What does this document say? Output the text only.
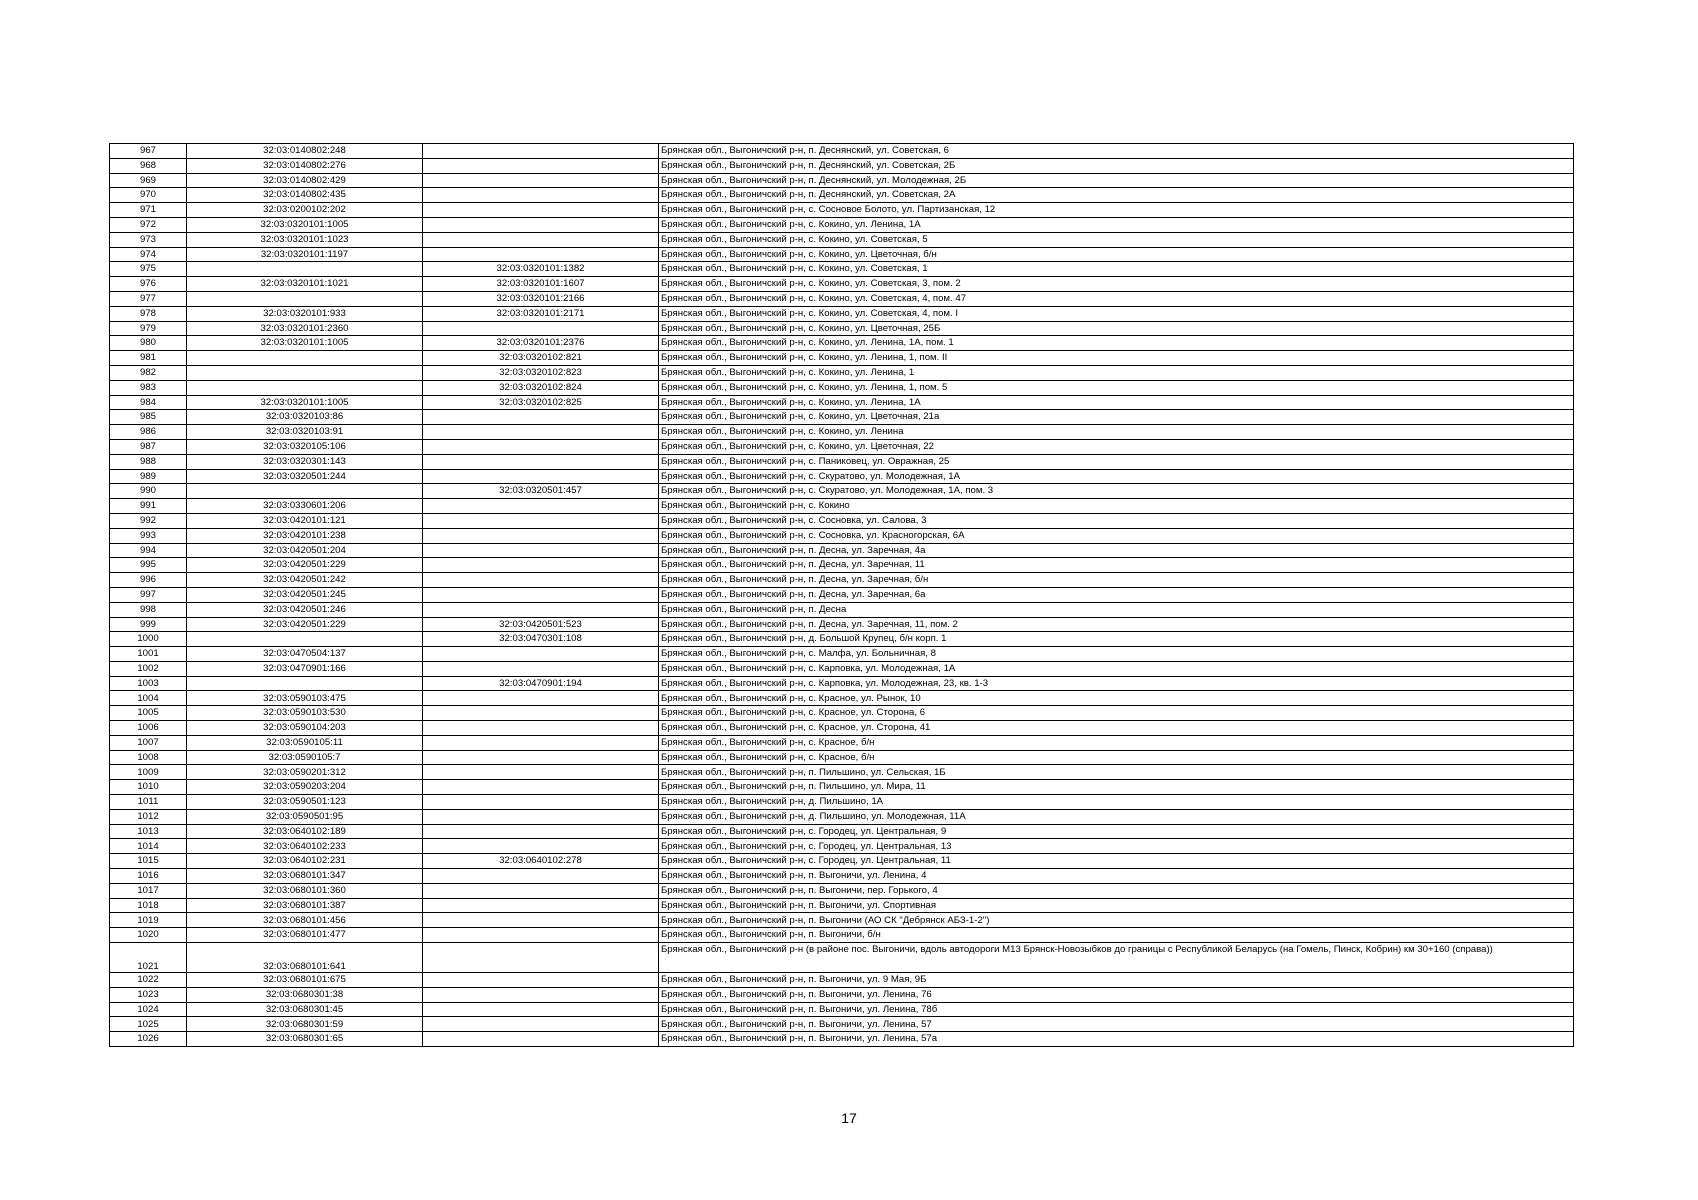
967	32:03:0140802:248		Брянская обл., Выгоничский р-н, п. Деснянский, ул. Советская, 6
968	32:03:0140802:276		Брянская обл., Выгоничский р-н, п. Деснянский, ул. Советская, 2Б
969	32:03:0140802:429		Брянская обл., Выгоничский р-н, п. Деснянский, ул. Молодежная, 2Б
970	32:03:0140802:435		Брянская обл., Выгоничский р-н, п. Деснянский, ул. Советская, 2А
971	32:03:0200102:202		Брянская обл., Выгоничский р-н, с. Сосновое Болото, ул. Партизанская, 12
972	32:03:0320101:1005		Брянская обл., Выгоничский р-н, с. Кокино, ул. Ленина, 1А
973	32:03:0320101:1023		Брянская обл., Выгоничский р-н, с. Кокино, ул. Советская, 5
974	32:03:0320101:1197		Брянская обл., Выгоничский р-н, с. Кокино, ул. Цветочная, б/н
975		32:03:0320101:1382	Брянская обл., Выгоничский р-н, с. Кокино, ул. Советская, 1
976	32:03:0320101:1021	32:03:0320101:1607	Брянская обл., Выгоничский р-н, с. Кокино, ул. Советская, 3, пом. 2
977		32:03:0320101:2166	Брянская обл., Выгоничский р-н, с. Кокино, ул. Советская, 4, пом. 47
978	32:03:0320101:933	32:03:0320101:2171	Брянская обл., Выгоничский р-н, с. Кокино, ул. Советская, 4, пом. I
979	32:03:0320101:2360		Брянская обл., Выгоничский р-н, с. Кокино, ул. Цветочная, 25Б
980	32:03:0320101:1005	32:03:0320101:2376	Брянская обл., Выгоничский р-н, с. Кокино, ул. Ленина, 1А, пом. 1
981		32:03:0320102:821	Брянская обл., Выгоничский р-н, с. Кокино, ул. Ленина, 1, пом. II
982		32:03:0320102:823	Брянская обл., Выгоничский р-н, с. Кокино, ул. Ленина, 1
983		32:03:0320102:824	Брянская обл., Выгоничский р-н, с. Кокино, ул. Ленина, 1, пом. 5
984	32:03:0320101:1005	32:03:0320102:825	Брянская обл., Выгоничский р-н, с. Кокино, ул. Ленина, 1А
985	32:03:0320103:86		Брянская обл., Выгоничский р-н, с. Кокино, ул. Цветочная, 21а
986	32:03:0320103:91		Брянская обл., Выгоничский р-н, с. Кокино, ул. Ленина
987	32:03:0320105:106		Брянская обл., Выгоничский р-н, с. Кокино, ул. Цветочная, 22
988	32:03:0320301:143		Брянская обл., Выгоничский р-н, с. Паниковец, ул. Овражная, 25
989	32:03:0320501:244		Брянская обл., Выгоничский р-н, с. Скуратово, ул. Молодежная, 1А
990		32:03:0320501:457	Брянская обл., Выгоничский р-н, с. Скуратово, ул. Молодежная, 1А, пом. 3
991	32:03:0330601:206		Брянская обл., Выгоничский р-н, с. Кокино
992	32:03:0420101:121		Брянская обл., Выгоничский р-н, с. Сосновка, ул. Салова, 3
993	32:03:0420101:238		Брянская обл., Выгоничский р-н, с. Сосновка, ул. Красногорская, 6А
994	32:03:0420501:204		Брянская обл., Выгоничский р-н, п. Десна, ул. Заречная, 4а
995	32:03:0420501:229		Брянская обл., Выгоничский р-н, п. Десна, ул. Заречная, 11
996	32:03:0420501:242		Брянская обл., Выгоничский р-н, п. Десна, ул. Заречная, б/н
997	32:03:0420501:245		Брянская обл., Выгоничский р-н, п. Десна, ул. Заречная, 6а
998	32:03:0420501:246		Брянская обл., Выгоничский р-н, п. Десна
999	32:03:0420501:229	32:03:0420501:523	Брянская обл., Выгоничский р-н, п. Десна, ул. Заречная, 11, пом. 2
1000		32:03:0470301:108	Брянская обл., Выгоничский р-н, д. Большой Крупец, б/н корп. 1
1001	32:03:0470504:137		Брянская обл., Выгоничский р-н, с. Малфа, ул. Больничная, 8
1002	32:03:0470901:166		Брянская обл., Выгоничский р-н, с. Карповка, ул. Молодежная, 1А
1003		32:03:0470901:194	Брянская обл., Выгоничский р-н, с. Карповка, ул. Молодежная, 23, кв. 1-3
1004	32:03:0590103:475		Брянская обл., Выгоничский р-н, с. Красное, ул. Рынок, 10
1005	32:03:0590103:530		Брянская обл., Выгоничский р-н, с. Красное, ул. Сторона, 6
1006	32:03:0590104:203		Брянская обл., Выгоничский р-н, с. Красное, ул. Сторона, 41
1007	32:03:0590105:11		Брянская обл., Выгоничский р-н, с. Красное, б/н
1008	32:03:0590105:7		Брянская обл., Выгоничский р-н, с. Красное, б/н
1009	32:03:0590201:312		Брянская обл., Выгоничский р-н, п. Пильшино, ул. Сельская, 1Б
1010	32:03:0590203:204		Брянская обл., Выгоничский р-н, п. Пильшино, ул. Мира, 11
1011	32:03:0590501:123		Брянская обл., Выгоничский р-н, д. Пильшино, 1А
1012	32:03:0590501:95		Брянская обл., Выгоничский р-н, д. Пильшино, ул. Молодежная, 11А
1013	32:03:0640102:189		Брянская обл., Выгоничский р-н, с. Городец, ул. Центральная, 9
1014	32:03:0640102:233		Брянская обл., Выгоничский р-н, с. Городец, ул. Центральная, 13
1015	32:03:0640102:231	32:03:0640102:278	Брянская обл., Выгоничский р-н, с. Городец, ул. Центральная, 11
1016	32:03:0680101:347		Брянская обл., Выгоничский р-н, п. Выгоничи, ул. Ленина, 4
1017	32:03:0680101:360		Брянская обл., Выгоничский р-н, п. Выгоничи, пер. Горького, 4
1018	32:03:0680101:387		Брянская обл., Выгоничский р-н, п. Выгоничи, ул. Спортивная
1019	32:03:0680101:456		Брянская обл., Выгоничский р-н, п. Выгоничи (АО СК "Дебрянск АБЗ-1-2")
1020	32:03:0680101:477		Брянская обл., Выгоничский р-н, п. Выгоничи, б/н
1021	32:03:0680101:641		Брянская обл., Выгоничский р-н (в районе пос. Выгоничи, вдоль автодороги М13 Брянск-Новозыбков до границы с Республикой Беларусь (на Гомель, Пинск, Кобрин) км 30+160 (справа))
1022	32:03:0680101:675		Брянская обл., Выгоничский р-н, п. Выгоничи, ул. 9 Мая, 9Б
1023	32:03:0680301:38		Брянская обл., Выгоничский р-н, п. Выгоничи, ул. Ленина, 76
1024	32:03:0680301:45		Брянская обл., Выгоничский р-н, п. Выгоничи, ул. Ленина, 78б
1025	32:03:0680301:59		Брянская обл., Выгоничский р-н, п. Выгоничи, ул. Ленина, 57
1026	32:03:0680301:65		Брянская обл., Выгоничский р-н, п. Выгоничи, ул. Ленина, 57а
17
